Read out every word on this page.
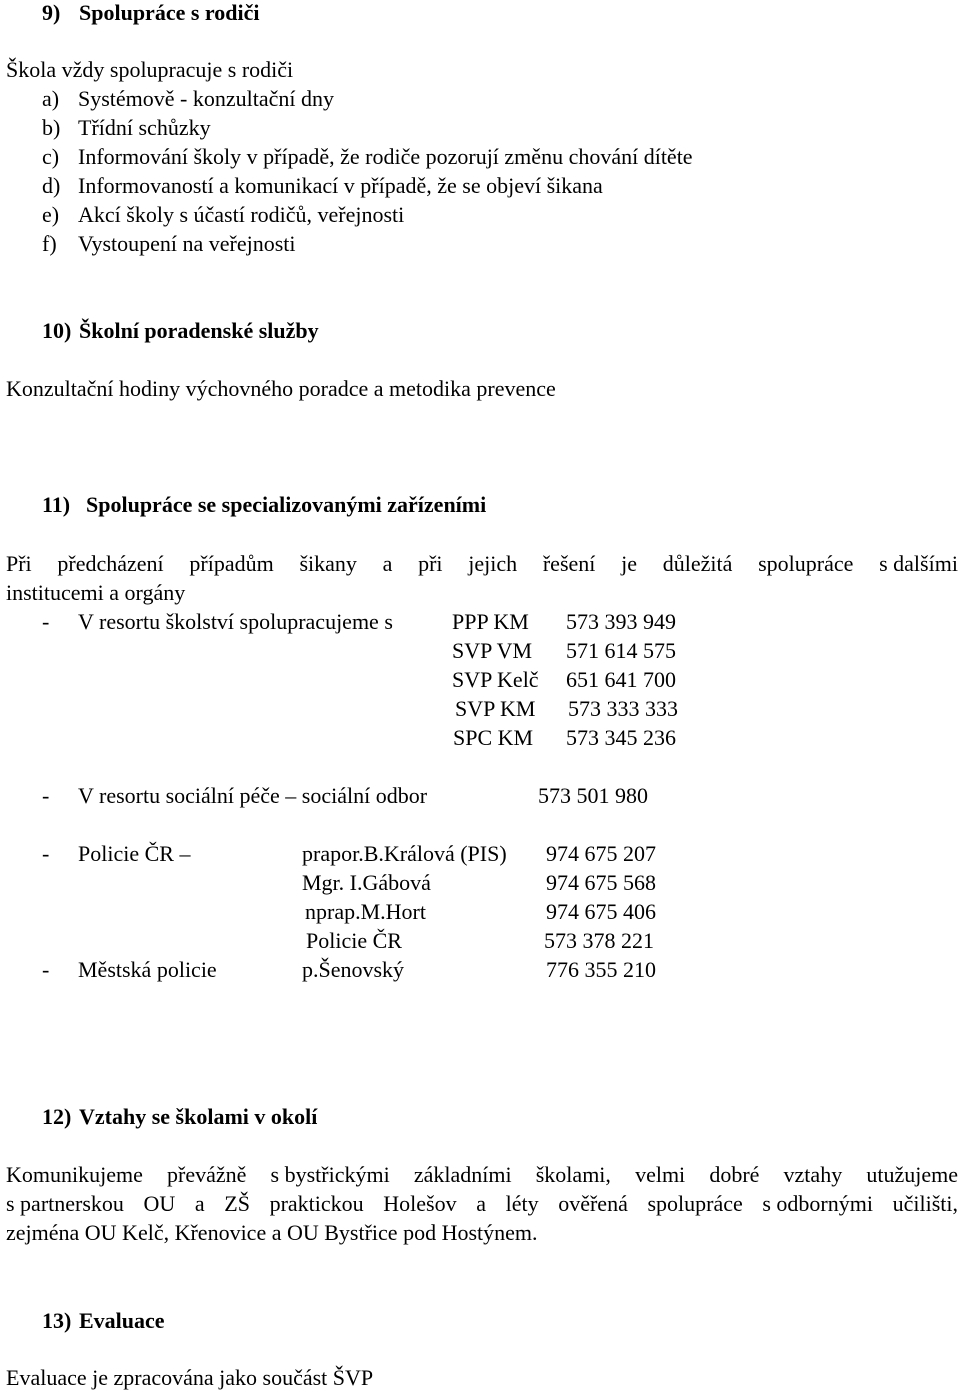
9) Spolupráce s rodiči
Škola vždy spolupracuje s rodiči
a) Systémově - konzultační dny
b) Třídní schůzky
c) Informování školy v případě, že rodiče pozorují změnu chování dítěte
d) Informovaností a komunikací v případě, že se objeví šikana
e) Akcí školy s účastí rodičů, veřejnosti
f) Vystoupení na veřejnosti
10) Školní poradenské služby
Konzultační hodiny výchovného poradce a metodika prevence
11) Spolupráce se specializovanými zařízeními
Při předcházení případům šikany a při jejich řešení je důležitá spolupráce s dalšími
institucemi a orgány
- V resortu školství spolupracujeme s	PPP KM 573 393 949
SVP VM 571 614 575
SVP Kelč 651 641 700
SVP KM 573 333 333
SPC KM 573 345 236
- V resortu sociální péče – sociální odbor	573 501 980
- Policie ČR –	prapor.B.Králová (PIS) 974 675 207
Mgr. I.Gábová	974 675 568
nprap.M.Hort	974 675 406
Policie ČR	573 378 221
- Městská policie	p.Šenovský	776 355 210
12) Vztahy se školami v okolí
Komunikujeme převážně s bystřickými základními školami, velmi dobré vztahy utužujeme
s partnerskou OU a ZŠ praktickou Holešov a léty ověřená spolupráce s odbornými učilišti,
zejména OU Kelč, Křenovice a OU Bystřice pod Hostýnem.
13) Evaluace
Evaluace je zpracována jako součást ŠVP
